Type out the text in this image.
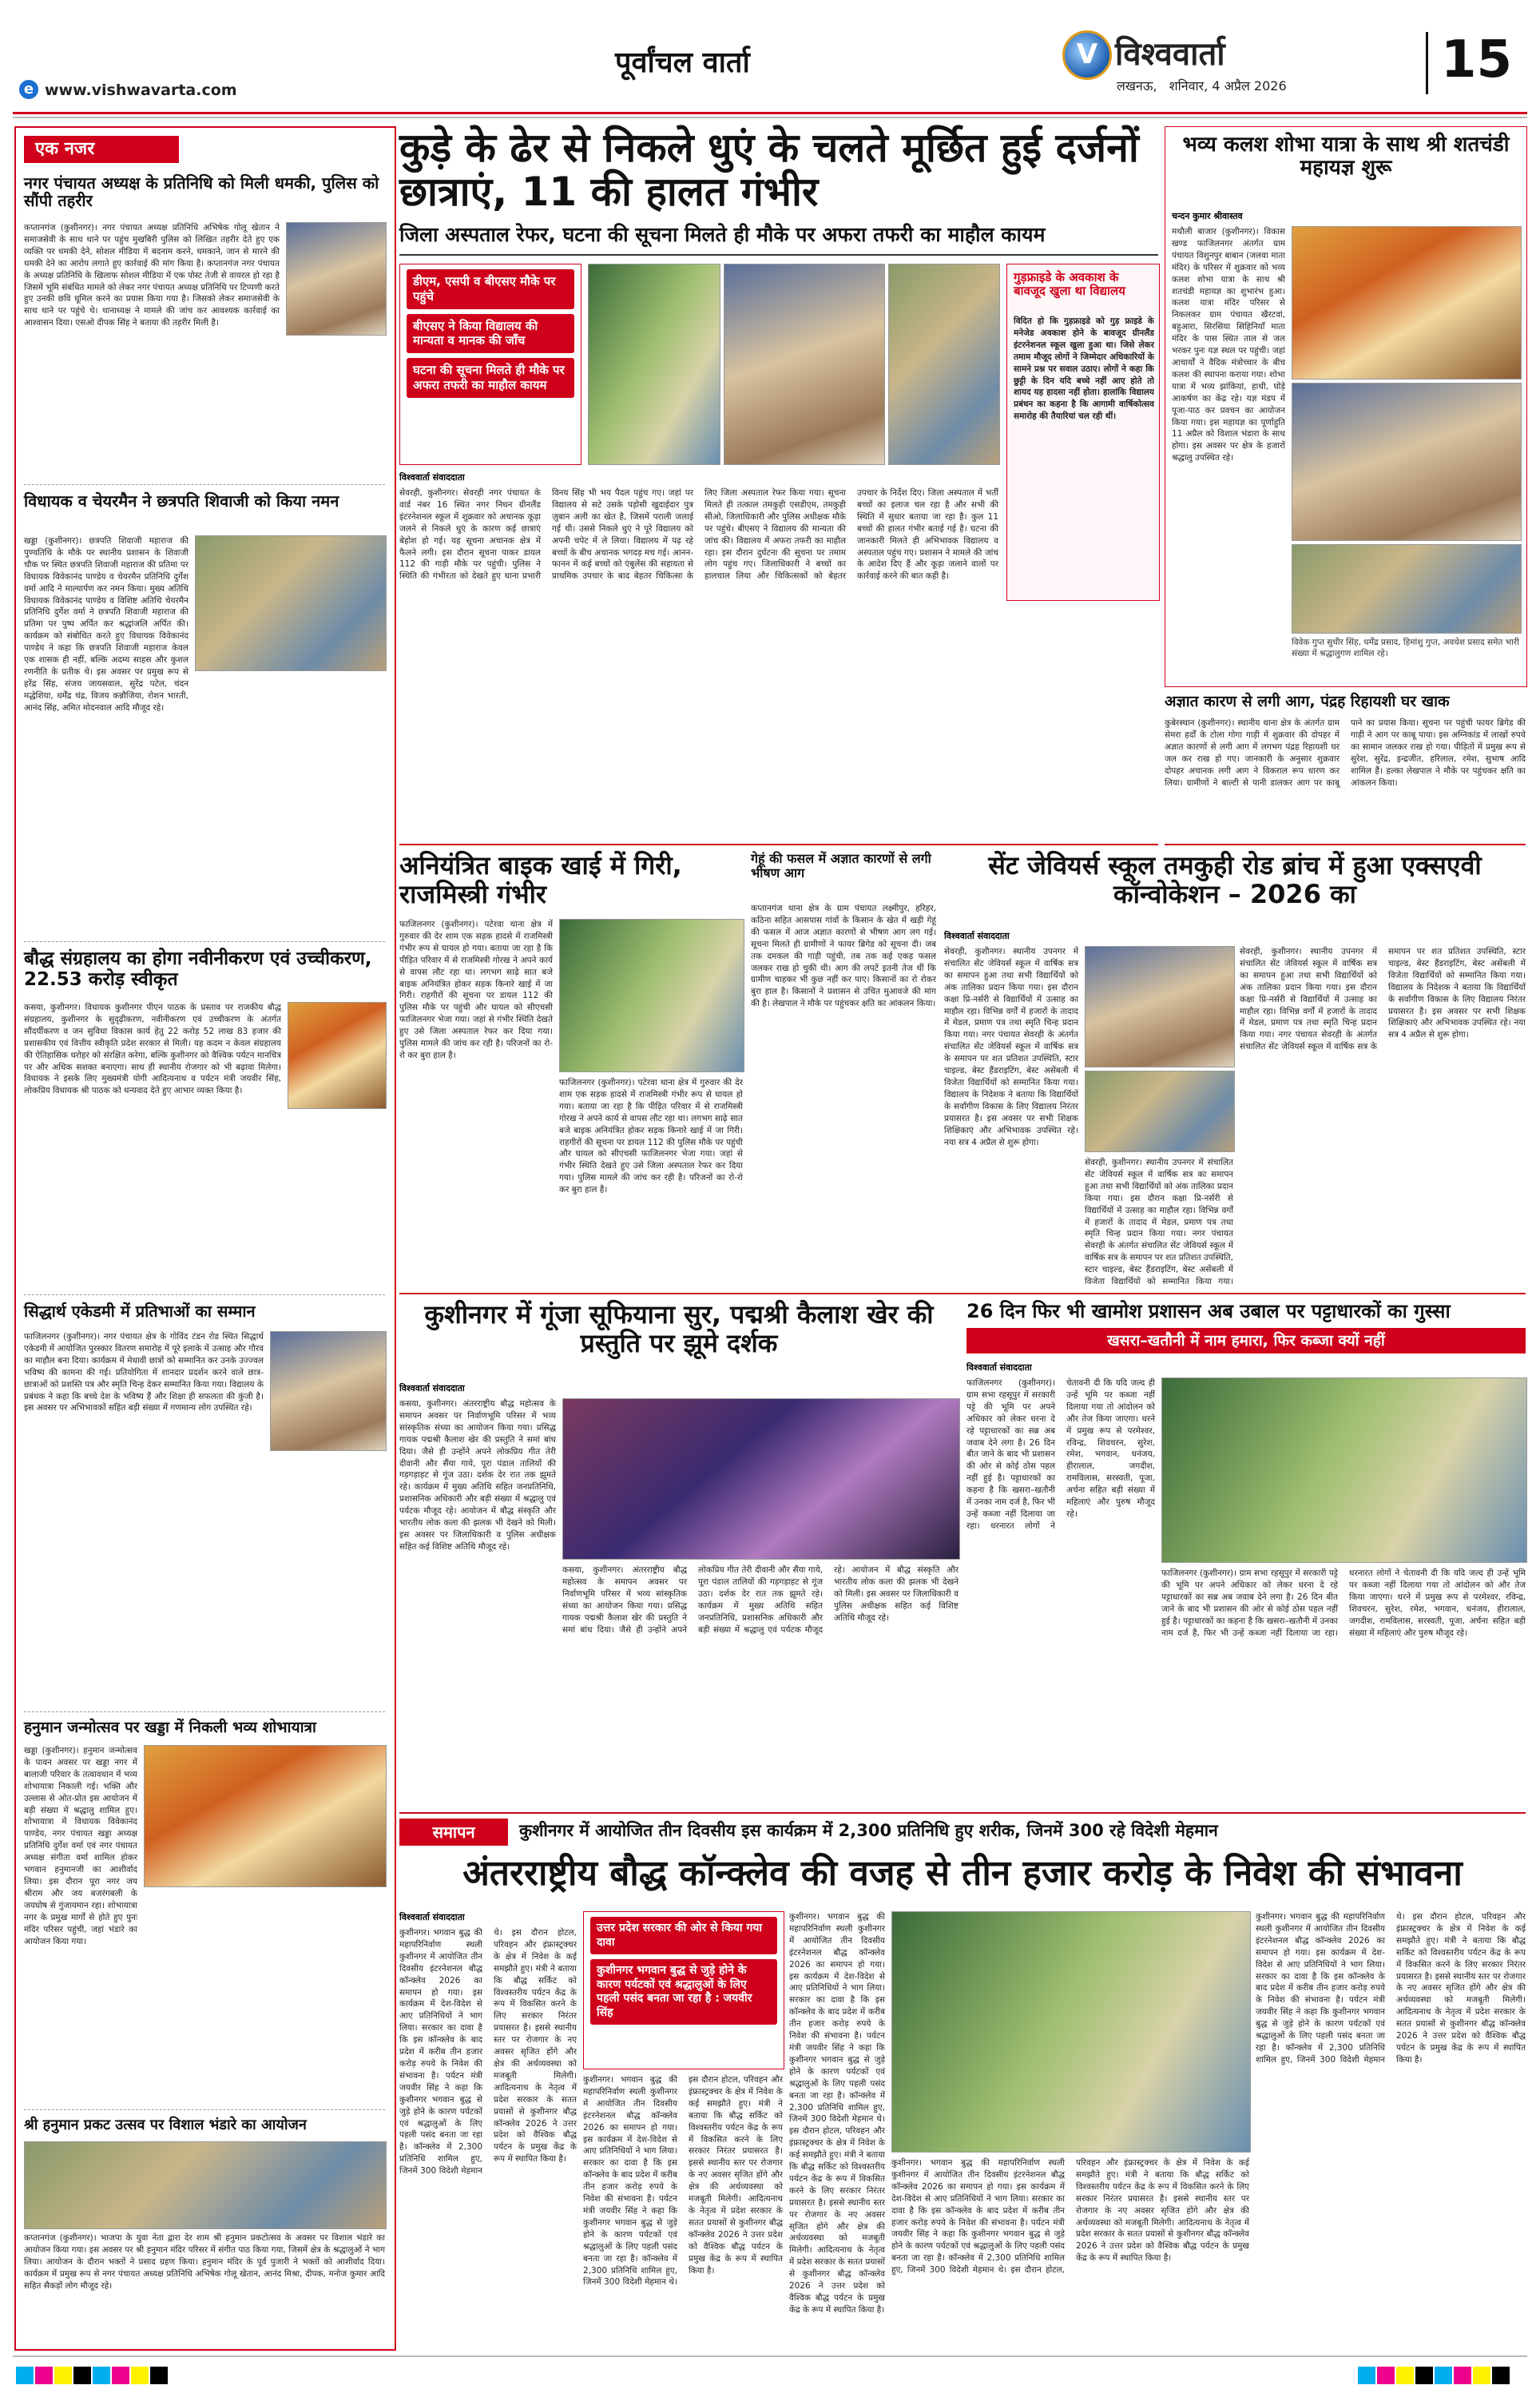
पूर्वांचल वार्ता
e www.vishwavarta.com
V विश्ववार्ता
लखनऊ,   शनिवार, 4 अप्रैल 2026	15
एक नजर
नगर पंचायत अध्यक्ष के प्रतिनिधि को मिली धमकी, पुलिस को सौंपी तहरीर
कप्तानगंज (कुशीनगर)। नगर पंचायत अध्यक्ष प्रतिनिधि अभिषेक गोलू खेतान ने समाजसेवी के साथ थाने पर पहुंच मुखबिरी पुलिस को लिखित तहरीर देते हुए एक व्यक्ति पर धमकी देने, सोशल मीडिया में बदनाम करने, धमकाने, जान से मारने की धमकी देने का आरोप लगाते हुए कार्रवाई की मांग किया है। कप्तानगंज नगर पंचायत के अध्यक्ष प्रतिनिधि के खिलाफ सोशल मीडिया में एक पोस्ट तेजी से वायरल हो रहा है जिसमें भूमि संबंधित मामले को लेकर नगर पंचायत अध्यक्ष प्रतिनिधि पर टिप्पणी करते हुए उनकी छवि धूमिल करने का प्रयास किया गया है। जिसको लेकर समाजसेवी के साथ थाने पर पहुंचे थे। थानाध्यक्ष ने मामले की जांच कर आवश्यक कार्रवाई का आश्वासन दिया। एसओ दीपक सिंह ने बताया की तहरीर मिली है।
विधायक व चेयरमैन ने छत्रपति शिवाजी को किया नमन
खड्डा (कुशीनगर)। छत्रपति शिवाजी महाराज की पुण्यतिथि के मौके पर स्थानीय प्रशासन के शिवाजी चौक पर स्थित छत्रपति शिवाजी महाराज की प्रतिमा पर विधायक विवेकानंद पाण्डेय व चेयरमैन प्रतिनिधि दुर्गेश वर्मा आदि ने माल्यार्पण कर नमन किया। मुख्य अतिथि विधायक विवेकानंद पाण्डेय व विशिष्ट अतिथि चेयरमैन प्रतिनिधि दुर्गेश वर्मा ने छत्रपति शिवाजी महाराज की प्रतिमा पर पुष्प अर्पित कर श्रद्धांजलि अर्पित की। कार्यक्रम को संबोधित करते हुए विधायक विवेकानंद पाण्डेय ने कहा कि छत्रपति शिवाजी महाराज केवल एक शासक ही नहीं, बल्कि अदम्य साहस और कुशल रणनीति के प्रतीक थे। इस अवसर पर प्रमुख रूप से हरेंद्र सिंह, संजय जायसवाल, सुरेंद्र पटेल, चंदन मद्धेशिया, धर्मेंद्र चंद्र, विजय कन्नौजिया, रोशन भारती, आनंद सिंह, अमित मोदनवाल आदि मौजूद रहे।
बौद्ध संग्रहालय का होगा नवीनीकरण एवं उच्चीकरण, 22.53 करोड़ स्वीकृत
कसया, कुशीनगर। विधायक कुशीनगर पीएन पाठक के प्रस्ताव पर राजकीय बौद्ध संग्रहालय, कुशीनगर के सुदृढ़ीकरण, नवीनीकरण एवं उच्चीकरण के अंतर्गत सौंदर्यीकरण व जन सुविधा विकास कार्य हेतु 22 करोड़ 52 लाख 83 हजार की प्रशासकीय एवं वित्तीय स्वीकृति प्रदेश सरकार से मिली। यह कदम न केवल संग्रहालय की ऐतिहासिक धरोहर को संरक्षित करेगा, बल्कि कुशीनगर को वैश्विक पर्यटन मानचित्र पर और अधिक सशक्त बनाएगा। साथ ही स्थानीय रोजगार को भी बढ़ावा मिलेगा। विधायक ने इसके लिए मुख्यमंत्री योगी आदित्यनाथ व पर्यटन मंत्री जयवीर सिंह, लोकप्रिय विधायक श्री पाठक को धन्यवाद देते हुए आभार व्यक्त किया है।
सिद्धार्थ एकेडमी में प्रतिभाओं का सम्मान
फाजिलनगर (कुशीनगर)। नगर पंचायत क्षेत्र के गोविंद टंडन रोड स्थित सिद्धार्थ एकेडमी में आयोजित पुरस्कार वितरण समारोह में पूरे इलाके में उत्साह और गौरव का माहौल बना दिया। कार्यक्रम में मेधावी छात्रों को सम्मानित कर उनके उज्ज्वल भविष्य की कामना की गई। प्रतियोगिता में शानदार प्रदर्शन करने वाले छात्र-छात्राओं को प्रशस्ति पत्र और स्मृति चिन्ह देकर सम्मानित किया गया। विद्यालय के प्रबंधक ने कहा कि बच्चे देश के भविष्य हैं और शिक्षा ही सफलता की कुंजी है। इस अवसर पर अभिभावकों सहित बड़ी संख्या में गणमान्य लोग उपस्थित रहे।
हनुमान जन्मोत्सव पर खड्डा में निकली भव्य शोभायात्रा
खड्डा (कुशीनगर)। हनुमान जन्मोत्सव के पावन अवसर पर खड्डा नगर में बालाजी परिवार के तत्वावधान में भव्य शोभायात्रा निकाली गई। भक्ति और उल्लास से ओत-प्रोत इस आयोजन में बड़ी संख्या में श्रद्धालु शामिल हुए। शोभायात्रा में विधायक विवेकानंद पाण्डेय, नगर पंचायत खड्डा अध्यक्ष प्रतिनिधि दुर्गेश वर्मा एवं नगर पंचायत अध्यक्ष संगीता वर्मा शामिल होकर भगवान हनुमानजी का आशीर्वाद लिया। इस दौरान पूरा नगर जय श्रीराम और जय बजरंगबली के जयघोष से गुंजायमान रहा। शोभायात्रा नगर के प्रमुख मार्गों से होते हुए पुनः मंदिर परिसर पहुंची, जहां भंडारे का आयोजन किया गया।
श्री हनुमान प्रकट उत्सव पर विशाल भंडारे का आयोजन
कप्तानगंज (कुशीनगर)। भाजपा के युवा नेता द्वारा देर शाम श्री हनुमान प्रकटोत्सव के अवसर पर विशाल भंडारे का आयोजन किया गया। इस अवसर पर श्री हनुमान मंदिर परिसर में संगीत पाठ किया गया, जिसमें क्षेत्र के श्रद्धालुओं ने भाग लिया। आयोजन के दौरान भक्तों ने प्रसाद ग्रहण किया। हनुमान मंदिर के पूर्व पुजारी ने भक्तों को आशीर्वाद दिया। कार्यक्रम में प्रमुख रूप से नगर पंचायत अध्यक्ष प्रतिनिधि अभिषेक गोलू खेतान, आनंद मिश्रा, दीपक, मनोज कुमार आदि सहित सैकड़ों लोग मौजूद रहे।
कुड़े के ढेर से निकले धुएं के चलते मूर्छित हुई दर्जनों छात्राएं, 11 की हालत गंभीर
जिला अस्पताल रेफर, घटना की सूचना मिलते ही मौके पर अफरा तफरी का माहौल कायम
डीएम, एसपी व बीएसए मौके पर पहुंचे
बीएसए ने किया विद्यालय की मान्यता व मानक की जाँच
घटना की सूचना मिलते ही मौके पर अफरा तफरी का माहौल कायम
गुड़फ्राइडे के अवकाश के बावजूद खुला था विद्यालय
विदित हो कि गुड़फ्राइडे को गुड़ फ्राइडे के मनेजेड अवकाश होने के बावजूद ग्रीनलैंड इंटरनेशनल स्कूल खुला हुआ था। जिसे लेकर तमाम मौजूद लोगों ने जिम्मेदार अधिकारियों के सामने प्रश्न पर सवाल उठाए। लोगों ने कहा कि छुट्टी के दिन यदि बच्चे नहीं आए होते तो शायद यह हादसा नहीं होता। हालांकि विद्यालय प्रबंधन का कहना है कि आगामी वार्षिकोत्सव समारोह की तैयारियां चल रही थीं।
विश्ववार्ता संवाददाता
सेवरही, कुशीनगर। सेवरही नगर पंचायत के वार्ड नंबर 16 स्थित नगर निधन ग्रीनलैंड इंटरनेशनल स्कूल में शुक्रवार को अचानक कूड़ा जलने से निकले धुएं के कारण कई छात्राएं बेहोश हो गई। यह सूचना अचानक क्षेत्र में फैलने लगी। इस दौरान सूचना पाकर डायल 112 की गाड़ी मौके पर पहुंची। पुलिस ने स्थिति की गंभीरता को देखते हुए थाना प्रभारी विनय सिंह भी भय पैदल पहुंच गए। जहां पर विद्यालय से सटे उसके पड़ोसी खुदाईदार पुत्र ज़ुबान अली का खेत है, जिसमें पराली जलाई गई थी। उससे निकले धुएं ने पूरे विद्यालय को अपनी चपेट में ले लिया। विद्यालय में पढ़ रहे बच्चों के बीच अचानक भगदड़ मच गई। आनन-फानन में कई बच्चों को एंबुलेंस की सहायता से प्राथमिक उपचार के बाद बेहतर चिकित्सा के लिए जिला अस्पताल रेफर किया गया। सूचना मिलते ही तत्काल तमकुही एसडीएम, तमकुही सीओ, जिलाधिकारी और पुलिस अधीक्षक मौके पर पहुंचे। बीएसए ने विद्यालय की मान्यता की जांच की। विद्यालय में अफरा तफरी का माहौल रहा। इस दौरान दुर्घटना की सूचना पर तमाम लोग पहुंच गए। जिलाधिकारी ने बच्चों का हालचाल लिया और चिकित्सकों को बेहतर उपचार के निर्देश दिए। जिला अस्पताल में भर्ती बच्चों का इलाज चल रहा है और सभी की स्थिति में सुधार बताया जा रहा है। कुल 11 बच्चों की हालत गंभीर बताई गई है। घटना की जानकारी मिलते ही अभिभावक विद्यालय व अस्पताल पहुंच गए। प्रशासन ने मामले की जांच के आदेश दिए हैं और कूड़ा जलाने वालों पर कार्रवाई करने की बात कही है।
भव्य कलश शोभा यात्रा के साथ श्री शतचंडी महायज्ञ शुरू
चन्दन कुमार श्रीवास्तव
मथौली बाजार (कुशीनगर)। विकास खण्ड फाजिलनगर अंतर्गत ग्राम पंचायत विशुनपुर बाबान (जलवा माता मंदिर) के परिसर में शुक्रवार को भव्य कलश शोभा यात्रा के साथ श्री शतचंडी महायज्ञ का शुभारंभ हुआ। कलश यात्रा मंदिर परिसर से निकलकर ग्राम पंचायत खैरटवां, बहुआरा, सिरसिया सिहिनियाँ माता मंदिर के पास स्थित ताल से जल भरकर पुनः यज्ञ स्थल पर पहुंची। जहां आचार्यों ने वैदिक मंत्रोच्चार के बीच कलश की स्थापना कराया गया। शोभा यात्रा में भव्य झांकियां, हाथी, घोड़े आकर्षण का केंद्र रहे। यज्ञ मंडप में पूजा-पाठ कर प्रवचन का आयोजन किया गया। इस महायज्ञ का पूर्णाहुति 11 अप्रैल को विशाल भंडारा के साथ होगा। इस अवसर पर क्षेत्र के हजारों श्रद्धालु उपस्थित रहे।
विवेक गुप्त सुधीर सिंह, धर्मेंद्र प्रसाद, हिमांशु गुप्त, अवधेश प्रसाद समेत भारी संख्या में श्रद्धालुगण शामिल रहे।
अज्ञात कारण से लगी आग, पंद्रह रिहायशी घर खाक
कुबेरस्थान (कुशीनगर)। स्थानीय थाना क्षेत्र के अंतर्गत ग्राम सेमरा हर्दों के टोला गोगा गाड़ी में शुक्रवार की दोपहर में अज्ञात कारणों से लगी आग में लगभग पंद्रह रिहायशी घर जल कर राख हो गए। जानकारी के अनुसार शुक्रवार दोपहर अचानक लगी आग ने विकराल रूप धारण कर लिया। ग्रामीणों ने बाल्टी से पानी डालकर आग पर काबू पाने का प्रयास किया। सूचना पर पहुंची फायर ब्रिगेड की गाड़ी ने आग पर काबू पाया। इस अग्निकांड में लाखों रुपये का सामान जलकर राख हो गया। पीड़ितों में प्रमुख रूप से सुरेश, सुरेंद्र, इन्द्रजीत, हरिलाल, रमेश, सुभाष आदि शामिल हैं। हल्का लेखपाल ने मौके पर पहुंचकर क्षति का आंकलन किया।
अनियंत्रित बाइक खाई में गिरी, राजमिस्त्री गंभीर
फाजिलनगर (कुशीनगर)। पटेरवा थाना क्षेत्र में गुरुवार की देर शाम एक सड़क हादसे में राजमिस्त्री गंभीर रूप से घायल हो गया। बताया जा रहा है कि पीड़ित परिवार में से राजमिस्त्री गोरख ने अपने कार्य से वापस लौट रहा था। लगभग साढ़े सात बजे बाइक अनियंत्रित होकर सड़क किनारे खाई में जा गिरी। राहगीरों की सूचना पर डायल 112 की पुलिस मौके पर पहुंची और घायल को सीएचसी फाजिलनगर भेजा गया। जहां से गंभीर स्थिति देखते हुए उसे जिला अस्पताल रेफर कर दिया गया। पुलिस मामले की जांच कर रही है। परिजनों का रो-रो कर बुरा हाल है।
फाजिलनगर (कुशीनगर)। पटेरवा थाना क्षेत्र में गुरुवार की देर शाम एक सड़क हादसे में राजमिस्त्री गंभीर रूप से घायल हो गया। बताया जा रहा है कि पीड़ित परिवार में से राजमिस्त्री गोरख ने अपने कार्य से वापस लौट रहा था। लगभग साढ़े सात बजे बाइक अनियंत्रित होकर सड़क किनारे खाई में जा गिरी। राहगीरों की सूचना पर डायल 112 की पुलिस मौके पर पहुंची और घायल को सीएचसी फाजिलनगर भेजा गया। जहां से गंभीर स्थिति देखते हुए उसे जिला अस्पताल रेफर कर दिया गया। पुलिस मामले की जांच कर रही है। परिजनों का रो-रो कर बुरा हाल है।
गेहूं की फसल में अज्ञात कारणों से लगी भीषण आग
कप्तानगंज थाना क्षेत्र के ग्राम पंचायत लक्ष्मीपुर, हरिहर, कठिना सहित आसपास गांवों के किसान के खेत में खड़ी गेहूं की फसल में आज अज्ञात कारणों से भीषण आग लग गई। सूचना मिलते ही ग्रामीणों ने फायर ब्रिगेड को सूचना दी। जब तक दमकल की गाड़ी पहुंची, तब तक कई एकड़ फसल जलकर राख हो चुकी थी। आग की लपटें इतनी तेज थीं कि ग्रामीण चाहकर भी कुछ नहीं कर पाए। किसानों का रो रोकर बुरा हाल है। किसानों ने प्रशासन से उचित मुआवजे की मांग की है। लेखपाल ने मौके पर पहुंचकर क्षति का आंकलन किया।
सेंट जेवियर्स स्कूल तमकुही रोड ब्रांच में हुआ एक्सएवी कॉन्वोकेशन – 2026 का
विश्ववार्ता संवाददाता
सेवरही, कुशीनगर। स्थानीय उपनगर में संचालित सेंट जेवियर्स स्कूल में वार्षिक सत्र का समापन हुआ तथा सभी विद्यार्थियों को अंक तालिका प्रदान किया गया। इस दौरान कक्षा प्रि-नर्सरी से विद्यार्थियों में उत्साह का माहौल रहा। विभिन्न वर्गों में हजारों के तादाद में मेडल, प्रमाण पत्र तथा स्मृति चिन्ह प्रदान किया गया। नगर पंचायत सेवरही के अंतर्गत संचालित सेंट जेवियर्स स्कूल में वार्षिक सत्र के समापन पर शत प्रतिशत उपस्थिति, स्टार चाइल्ड, बेस्ट हैंडराइटिंग, बेस्ट असेंबली में विजेता विद्यार्थियों को सम्मानित किया गया। विद्यालय के निदेशक ने बताया कि विद्यार्थियों के सर्वांगीण विकास के लिए विद्यालय निरंतर प्रयासरत है। इस अवसर पर सभी शिक्षक शिक्षिकाएं और अभिभावक उपस्थित रहे। नया सत्र 4 अप्रैल से शुरू होगा।
सेवरही, कुशीनगर। स्थानीय उपनगर में संचालित सेंट जेवियर्स स्कूल में वार्षिक सत्र का समापन हुआ तथा सभी विद्यार्थियों को अंक तालिका प्रदान किया गया। इस दौरान कक्षा प्रि-नर्सरी से विद्यार्थियों में उत्साह का माहौल रहा। विभिन्न वर्गों में हजारों के तादाद में मेडल, प्रमाण पत्र तथा स्मृति चिन्ह प्रदान किया गया। नगर पंचायत सेवरही के अंतर्गत संचालित सेंट जेवियर्स स्कूल में वार्षिक सत्र के समापन पर शत प्रतिशत उपस्थिति, स्टार चाइल्ड, बेस्ट हैंडराइटिंग, बेस्ट असेंबली में विजेता विद्यार्थियों को सम्मानित किया गया।
सेवरही, कुशीनगर। स्थानीय उपनगर में संचालित सेंट जेवियर्स स्कूल में वार्षिक सत्र का समापन हुआ तथा सभी विद्यार्थियों को अंक तालिका प्रदान किया गया। इस दौरान कक्षा प्रि-नर्सरी से विद्यार्थियों में उत्साह का माहौल रहा। विभिन्न वर्गों में हजारों के तादाद में मेडल, प्रमाण पत्र तथा स्मृति चिन्ह प्रदान किया गया। नगर पंचायत सेवरही के अंतर्गत संचालित सेंट जेवियर्स स्कूल में वार्षिक सत्र के समापन पर शत प्रतिशत उपस्थिति, स्टार चाइल्ड, बेस्ट हैंडराइटिंग, बेस्ट असेंबली में विजेता विद्यार्थियों को सम्मानित किया गया। विद्यालय के निदेशक ने बताया कि विद्यार्थियों के सर्वांगीण विकास के लिए विद्यालय निरंतर प्रयासरत है। इस अवसर पर सभी शिक्षक शिक्षिकाएं और अभिभावक उपस्थित रहे। नया सत्र 4 अप्रैल से शुरू होगा।
कुशीनगर में गूंजा सूफियाना सुर, पद्मश्री कैलाश खेर की प्रस्तुति पर झूमे दर्शक
विश्ववार्ता संवाददाता
कसया, कुशीनगर। अंतरराष्ट्रीय बौद्ध महोत्सव के समापन अवसर पर निर्वाणभूमि परिसर में भव्य सांस्कृतिक संध्या का आयोजन किया गया। प्रसिद्ध गायक पद्मश्री कैलाश खेर की प्रस्तुति ने समां बांध दिया। जैसे ही उन्होंने अपने लोकप्रिय गीत तेरी दीवानी और सैंया गाये, पूरा पंडाल तालियों की गड़गड़ाहट से गूंज उठा। दर्शक देर रात तक झूमते रहे। कार्यक्रम में मुख्य अतिथि सहित जनप्रतिनिधि, प्रशासनिक अधिकारी और बड़ी संख्या में श्रद्धालु एवं पर्यटक मौजूद रहे। आयोजन में बौद्ध संस्कृति और भारतीय लोक कला की झलक भी देखने को मिली। इस अवसर पर जिलाधिकारी व पुलिस अधीक्षक सहित कई विशिष्ट अतिथि मौजूद रहे।
कसया, कुशीनगर। अंतरराष्ट्रीय बौद्ध महोत्सव के समापन अवसर पर निर्वाणभूमि परिसर में भव्य सांस्कृतिक संध्या का आयोजन किया गया। प्रसिद्ध गायक पद्मश्री कैलाश खेर की प्रस्तुति ने समां बांध दिया। जैसे ही उन्होंने अपने लोकप्रिय गीत तेरी दीवानी और सैंया गाये, पूरा पंडाल तालियों की गड़गड़ाहट से गूंज उठा। दर्शक देर रात तक झूमते रहे। कार्यक्रम में मुख्य अतिथि सहित जनप्रतिनिधि, प्रशासनिक अधिकारी और बड़ी संख्या में श्रद्धालु एवं पर्यटक मौजूद रहे। आयोजन में बौद्ध संस्कृति और भारतीय लोक कला की झलक भी देखने को मिली। इस अवसर पर जिलाधिकारी व पुलिस अधीक्षक सहित कई विशिष्ट अतिथि मौजूद रहे।
26 दिन फिर भी खामोश प्रशासन अब उबाल पर पट्टाधारकों का गुस्सा
खसरा–खतौनी में नाम हमारा, फिर कब्जा क्यों नहीं
विश्ववार्ता संवाददाता
फाजिलनगर (कुशीनगर)। ग्राम सभा रहसूपुर में सरकारी पट्टे की भूमि पर अपने अधिकार को लेकर धरना दे रहे पट्टाधारकों का सब्र अब जवाब देने लगा है। 26 दिन बीत जाने के बाद भी प्रशासन की ओर से कोई ठोस पहल नहीं हुई है। पट्टाधारकों का कहना है कि खसरा–खतौनी में उनका नाम दर्ज है, फिर भी उन्हें कब्जा नहीं दिलाया जा रहा। धरनारत लोगों ने चेतावनी दी कि यदि जल्द ही उन्हें भूमि पर कब्जा नहीं दिलाया गया तो आंदोलन को और तेज किया जाएगा। धरने में प्रमुख रूप से परमेश्वर, रविन्द्र, शिवचरन, सुरेश, रमेश, भगवान, धनंजय, हीरालाल, जगदीश, रामविलास, सरस्वती, पूजा, अर्चना सहित बड़ी संख्या में महिलाएं और पुरुष मौजूद रहे।
फाजिलनगर (कुशीनगर)। ग्राम सभा रहसूपुर में सरकारी पट्टे की भूमि पर अपने अधिकार को लेकर धरना दे रहे पट्टाधारकों का सब्र अब जवाब देने लगा है। 26 दिन बीत जाने के बाद भी प्रशासन की ओर से कोई ठोस पहल नहीं हुई है। पट्टाधारकों का कहना है कि खसरा–खतौनी में उनका नाम दर्ज है, फिर भी उन्हें कब्जा नहीं दिलाया जा रहा। धरनारत लोगों ने चेतावनी दी कि यदि जल्द ही उन्हें भूमि पर कब्जा नहीं दिलाया गया तो आंदोलन को और तेज किया जाएगा। धरने में प्रमुख रूप से परमेश्वर, रविन्द्र, शिवचरन, सुरेश, रमेश, भगवान, धनंजय, हीरालाल, जगदीश, रामविलास, सरस्वती, पूजा, अर्चना सहित बड़ी संख्या में महिलाएं और पुरुष मौजूद रहे।
समापन	कुशीनगर में आयोजित तीन दिवसीय इस कार्यक्रम में 2,300 प्रतिनिधि हुए शरीक, जिनमें 300 रहे विदेशी मेहमान
अंतरराष्ट्रीय बौद्ध कॉन्क्लेव की वजह से तीन हजार करोड़ के निवेश की संभावना
विश्ववार्ता संवाददाता
कुशीनगर। भगवान बुद्ध की महापरिनिर्वाण स्थली कुशीनगर में आयोजित तीन दिवसीय इंटरनेशनल बौद्ध कॉन्क्लेव 2026 का समापन हो गया। इस कार्यक्रम में देश-विदेश से आए प्रतिनिधियों ने भाग लिया। सरकार का दावा है कि इस कॉन्क्लेव के बाद प्रदेश में करीब तीन हजार करोड़ रुपये के निवेश की संभावना है। पर्यटन मंत्री जयवीर सिंह ने कहा कि कुशीनगर भगवान बुद्ध से जुड़े होने के कारण पर्यटकों एवं श्रद्धालुओं के लिए पहली पसंद बनता जा रहा है। कॉन्क्लेव में 2,300 प्रतिनिधि शामिल हुए, जिनमें 300 विदेशी मेहमान थे। इस दौरान होटल, परिवहन और इंफ्रास्ट्रक्चर के क्षेत्र में निवेश के कई समझौते हुए। मंत्री ने बताया कि बौद्ध सर्किट को विश्वस्तरीय पर्यटन केंद्र के रूप में विकसित करने के लिए सरकार निरंतर प्रयासरत है। इससे स्थानीय स्तर पर रोजगार के नए अवसर सृजित होंगे और क्षेत्र की अर्थव्यवस्था को मजबूती मिलेगी। आदित्यनाथ के नेतृत्व में प्रदेश सरकार के सतत प्रयासों से कुशीनगर बौद्ध कॉन्क्लेव 2026 ने उत्तर प्रदेश को वैश्विक बौद्ध पर्यटन के प्रमुख केंद्र के रूप में स्थापित किया है।
उत्तर प्रदेश सरकार की ओर से किया गया दावा
कुशीनगर भगवान बुद्ध से जुड़े होने के कारण पर्यटकों एवं श्रद्धालुओं के लिए पहली पसंद बनता जा रहा है : जयवीर सिंह
कुशीनगर। भगवान बुद्ध की महापरिनिर्वाण स्थली कुशीनगर में आयोजित तीन दिवसीय इंटरनेशनल बौद्ध कॉन्क्लेव 2026 का समापन हो गया। इस कार्यक्रम में देश-विदेश से आए प्रतिनिधियों ने भाग लिया। सरकार का दावा है कि इस कॉन्क्लेव के बाद प्रदेश में करीब तीन हजार करोड़ रुपये के निवेश की संभावना है। पर्यटन मंत्री जयवीर सिंह ने कहा कि कुशीनगर भगवान बुद्ध से जुड़े होने के कारण पर्यटकों एवं श्रद्धालुओं के लिए पहली पसंद बनता जा रहा है। कॉन्क्लेव में 2,300 प्रतिनिधि शामिल हुए, जिनमें 300 विदेशी मेहमान थे। इस दौरान होटल, परिवहन और इंफ्रास्ट्रक्चर के क्षेत्र में निवेश के कई समझौते हुए। मंत्री ने बताया कि बौद्ध सर्किट को विश्वस्तरीय पर्यटन केंद्र के रूप में विकसित करने के लिए सरकार निरंतर प्रयासरत है। इससे स्थानीय स्तर पर रोजगार के नए अवसर सृजित होंगे और क्षेत्र की अर्थव्यवस्था को मजबूती मिलेगी। आदित्यनाथ के नेतृत्व में प्रदेश सरकार के सतत प्रयासों से कुशीनगर बौद्ध कॉन्क्लेव 2026 ने उत्तर प्रदेश को वैश्विक बौद्ध पर्यटन के प्रमुख केंद्र के रूप में स्थापित किया है।
कुशीनगर। भगवान बुद्ध की महापरिनिर्वाण स्थली कुशीनगर में आयोजित तीन दिवसीय इंटरनेशनल बौद्ध कॉन्क्लेव 2026 का समापन हो गया। इस कार्यक्रम में देश-विदेश से आए प्रतिनिधियों ने भाग लिया। सरकार का दावा है कि इस कॉन्क्लेव के बाद प्रदेश में करीब तीन हजार करोड़ रुपये के निवेश की संभावना है। पर्यटन मंत्री जयवीर सिंह ने कहा कि कुशीनगर भगवान बुद्ध से जुड़े होने के कारण पर्यटकों एवं श्रद्धालुओं के लिए पहली पसंद बनता जा रहा है। कॉन्क्लेव में 2,300 प्रतिनिधि शामिल हुए, जिनमें 300 विदेशी मेहमान थे। इस दौरान होटल, परिवहन और इंफ्रास्ट्रक्चर के क्षेत्र में निवेश के कई समझौते हुए। मंत्री ने बताया कि बौद्ध सर्किट को विश्वस्तरीय पर्यटन केंद्र के रूप में विकसित करने के लिए सरकार निरंतर प्रयासरत है। इससे स्थानीय स्तर पर रोजगार के नए अवसर सृजित होंगे और क्षेत्र की अर्थव्यवस्था को मजबूती मिलेगी। आदित्यनाथ के नेतृत्व में प्रदेश सरकार के सतत प्रयासों से कुशीनगर बौद्ध कॉन्क्लेव 2026 ने उत्तर प्रदेश को वैश्विक बौद्ध पर्यटन के प्रमुख केंद्र के रूप में स्थापित किया है।
कुशीनगर। भगवान बुद्ध की महापरिनिर्वाण स्थली कुशीनगर में आयोजित तीन दिवसीय इंटरनेशनल बौद्ध कॉन्क्लेव 2026 का समापन हो गया। इस कार्यक्रम में देश-विदेश से आए प्रतिनिधियों ने भाग लिया। सरकार का दावा है कि इस कॉन्क्लेव के बाद प्रदेश में करीब तीन हजार करोड़ रुपये के निवेश की संभावना है। पर्यटन मंत्री जयवीर सिंह ने कहा कि कुशीनगर भगवान बुद्ध से जुड़े होने के कारण पर्यटकों एवं श्रद्धालुओं के लिए पहली पसंद बनता जा रहा है। कॉन्क्लेव में 2,300 प्रतिनिधि शामिल हुए, जिनमें 300 विदेशी मेहमान थे। इस दौरान होटल, परिवहन और इंफ्रास्ट्रक्चर के क्षेत्र में निवेश के कई समझौते हुए। मंत्री ने बताया कि बौद्ध सर्किट को विश्वस्तरीय पर्यटन केंद्र के रूप में विकसित करने के लिए सरकार निरंतर प्रयासरत है। इससे स्थानीय स्तर पर रोजगार के नए अवसर सृजित होंगे और क्षेत्र की अर्थव्यवस्था को मजबूती मिलेगी। आदित्यनाथ के नेतृत्व में प्रदेश सरकार के सतत प्रयासों से कुशीनगर बौद्ध कॉन्क्लेव 2026 ने उत्तर प्रदेश को वैश्विक बौद्ध पर्यटन के प्रमुख केंद्र के रूप में स्थापित किया है।
कुशीनगर। भगवान बुद्ध की महापरिनिर्वाण स्थली कुशीनगर में आयोजित तीन दिवसीय इंटरनेशनल बौद्ध कॉन्क्लेव 2026 का समापन हो गया। इस कार्यक्रम में देश-विदेश से आए प्रतिनिधियों ने भाग लिया। सरकार का दावा है कि इस कॉन्क्लेव के बाद प्रदेश में करीब तीन हजार करोड़ रुपये के निवेश की संभावना है। पर्यटन मंत्री जयवीर सिंह ने कहा कि कुशीनगर भगवान बुद्ध से जुड़े होने के कारण पर्यटकों एवं श्रद्धालुओं के लिए पहली पसंद बनता जा रहा है। कॉन्क्लेव में 2,300 प्रतिनिधि शामिल हुए, जिनमें 300 विदेशी मेहमान थे। इस दौरान होटल, परिवहन और इंफ्रास्ट्रक्चर के क्षेत्र में निवेश के कई समझौते हुए। मंत्री ने बताया कि बौद्ध सर्किट को विश्वस्तरीय पर्यटन केंद्र के रूप में विकसित करने के लिए सरकार निरंतर प्रयासरत है। इससे स्थानीय स्तर पर रोजगार के नए अवसर सृजित होंगे और क्षेत्र की अर्थव्यवस्था को मजबूती मिलेगी। आदित्यनाथ के नेतृत्व में प्रदेश सरकार के सतत प्रयासों से कुशीनगर बौद्ध कॉन्क्लेव 2026 ने उत्तर प्रदेश को वैश्विक बौद्ध पर्यटन के प्रमुख केंद्र के रूप में स्थापित किया है।
